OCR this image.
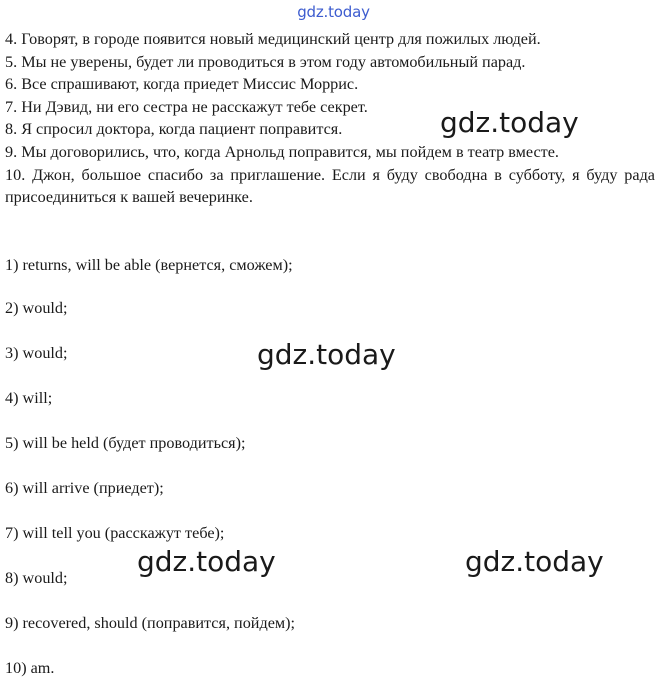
gdz.today
4. Говорят, в городе появится новый медицинский центр для пожилых людей.
5. Мы не уверены, будет ли проводиться в этом году автомобильный парад.
6. Все спрашивают, когда приедет Миссис Моррис.
7. Ни Дэвид, ни его сестра не расскажут тебе секрет.
8. Я спросил доктора, когда пациент поправится.
9. Мы договорились, что, когда Арнольд поправится, мы пойдем в театр вместе.
10. Джон, большое спасибо за приглашение. Если я буду свободна в субботу, я буду рада присоединиться к вашей вечеринке.

1) returns, will be able (вернется, сможем);

2) would;

3) would;

4) will;

5) will be held (будет проводиться);

6) will arrive (приедет);

7) will tell you (расскажут тебе);

8) would;

9) recovered, should (поправится, пойдем);

10) am.

gdz.today
gdz.today
gdz.today	gdz.today
